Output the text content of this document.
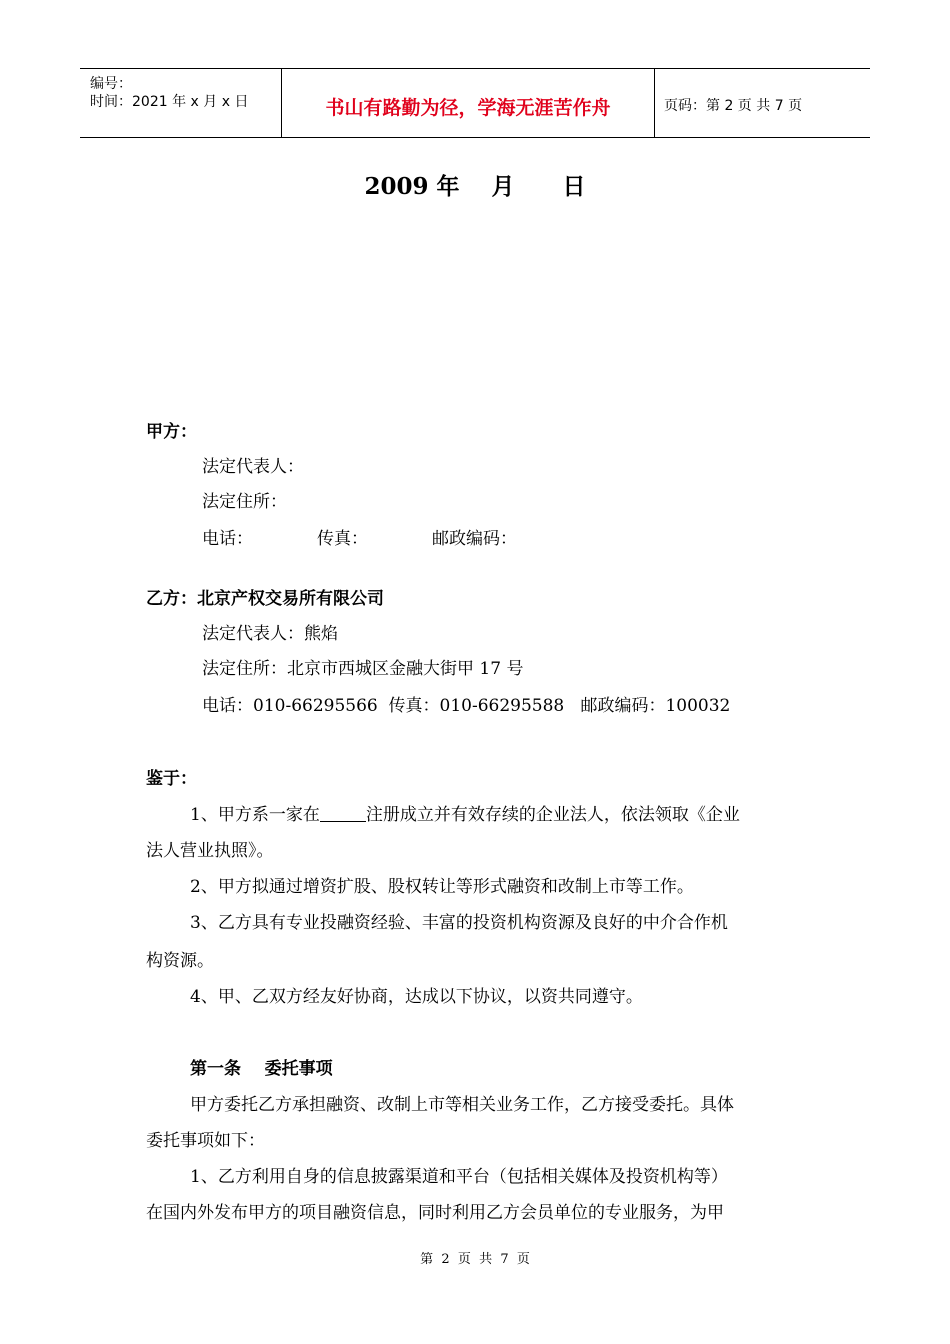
编号：
时间：2021 年 x 月 x 日	书山有路勤为径，学海无涯苦作舟	页码：第 2 页 共 7 页
2009 年    月      日
甲方：
法定代表人：
法定住所：
电话：	传真：	邮政编码：
乙方：北京产权交易所有限公司
法定代表人：熊焰
法定住所：北京市西城区金融大街甲 17 号
电话：010-66295566  传真：010-66295588   邮政编码：100032
鉴于：
1、甲方系一家在	注册成立并有效存续的企业法人，依法领取《企业
法人营业执照》。
2、甲方拟通过增资扩股、股权转让等形式融资和改制上市等工作。
3、乙方具有专业投融资经验、丰富的投资机构资源及良好的中介合作机
构资源。
4、甲、乙双方经友好协商，达成以下协议，以资共同遵守。
第一条    委托事项
甲方委托乙方承担融资、改制上市等相关业务工作，乙方接受委托。具体
委托事项如下：
1、乙方利用自身的信息披露渠道和平台（包括相关媒体及投资机构等）
在国内外发布甲方的项目融资信息，同时利用乙方会员单位的专业服务，为甲
第  2  页  共  7  页
